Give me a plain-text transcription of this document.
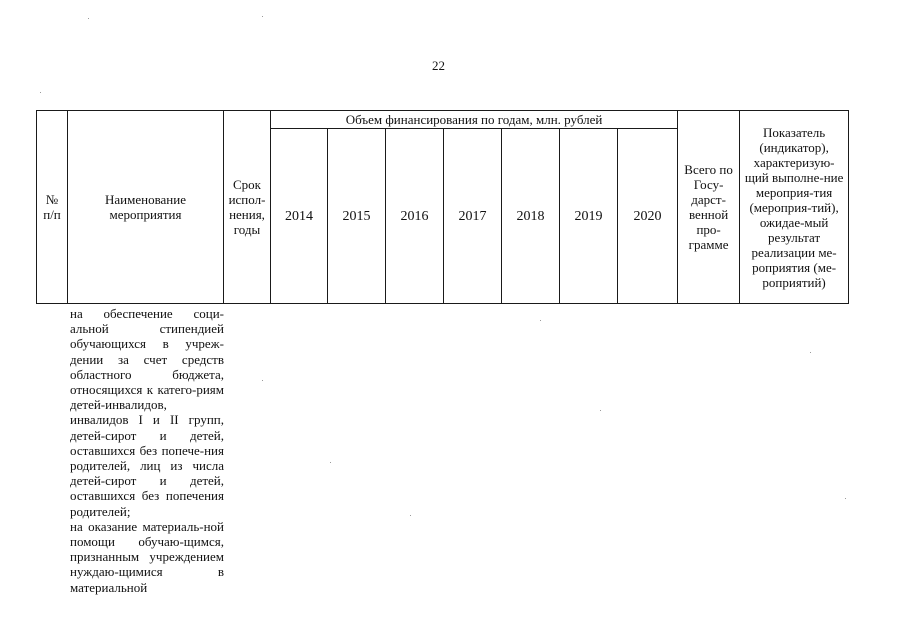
22
№ п/п	Наименование мероприятия	Срок испол-нения, годы	Объем финансирования по годам, млн. рублей							Всего по Госу-дарст-венной про-грамме	Показатель (индикатор), характеризую-щий выполне-ние мероприя-тия (мероприя-тий), ожидае-мый результат реализации ме-роприятия (ме-роприятий)
			2014	2015	2016	2017	2018	2019	2020		

на обеспечение соци-альной стипендией обучающихся в учреж-дении за счет средств областного бюджета, относящихся к катего-риям детей-инвалидов, инвалидов I и II групп, детей-сирот и детей, оставшихся без попече-ния родителей, лиц из числа детей-сирот и детей, оставшихся без попечения родителей;

на оказание материаль-ной помощи обучаю-щимся, признанным учреждением нуждаю-щимися в материальной
